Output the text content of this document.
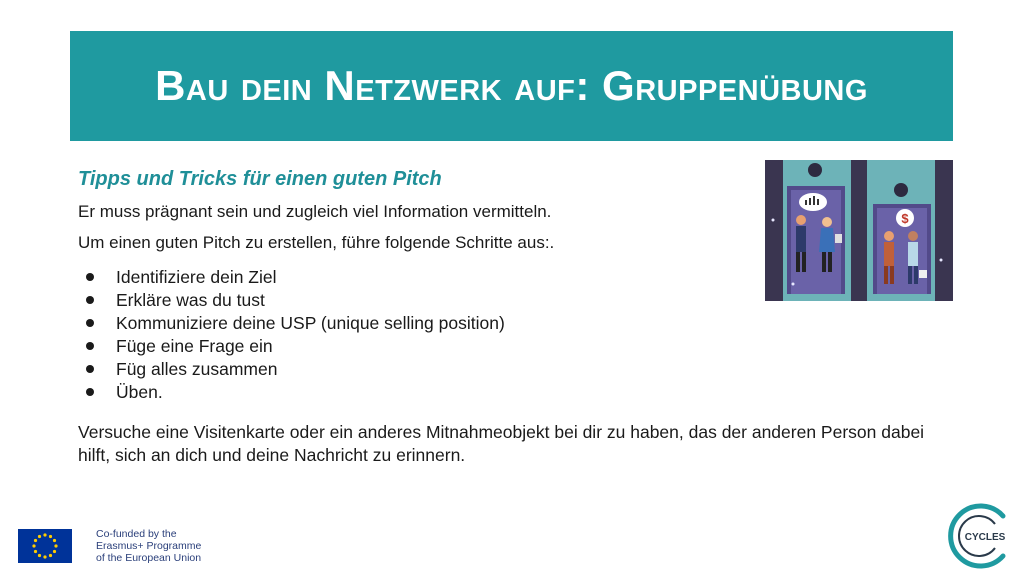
Bau dein Netzwerk auf: Gruppenübung

Tipps und Tricks für einen guten Pitch

Er muss prägnant sein und zugleich viel Information vermitteln.

Um einen guten Pitch zu erstellen, führe folgende Schritte aus:.

Identifiziere dein Ziel
Erkläre was du tust
Kommuniziere deine USP (unique selling position)
Füge eine Frage ein
Füg alles zusammen
Üben.

Versuche eine Visitenkarte oder ein anderes Mitnahmeobjekt bei dir zu haben, das der anderen Person dabei hilft, sich an dich und deine Nachricht zu erinnern.

$
Co-funded by the
Erasmus+ Programme
of the European Union
CYCLES
